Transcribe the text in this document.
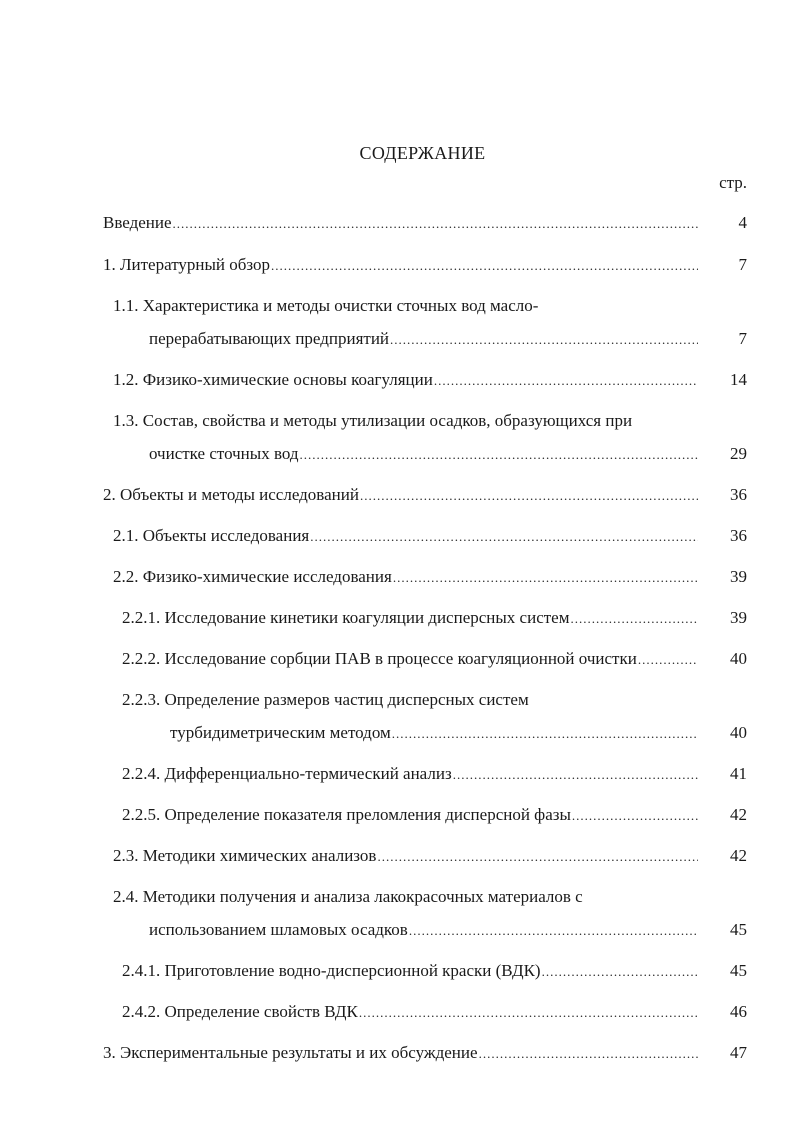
СОДЕРЖАНИЕ
стр.
Введение .....	4
1. Литературный обзор .....	7
1.1. Характеристика и методы очистки сточных вод масло-
перерабатывающих предприятий .....	7
1.2. Физико-химические основы коагуляции .....	14
1.3. Состав, свойства и методы утилизации осадков, образующихся при
очистке сточных вод .....	29
2. Объекты и методы исследований .....	36
2.1. Объекты исследования .....	36
2.2. Физико-химические исследования .....	39
2.2.1. Исследование кинетики коагуляции дисперсных систем .....	39
2.2.2. Исследование сорбции ПАВ в процессе коагуляционной очистки .....	40
2.2.3. Определение размеров частиц дисперсных систем
турбидиметрическим методом .....	40
2.2.4. Дифференциально-термический анализ .....	41
2.2.5. Определение показателя преломления дисперсной фазы .....	42
2.3. Методики химических анализов .....	42
2.4. Методики получения и анализа лакокрасочных материалов с
использованием шламовых осадков .....	45
2.4.1. Приготовление водно-дисперсионной краски (ВДК) .....	45
2.4.2. Определение свойств ВДК .....	46
3. Экспериментальные результаты и их обсуждение .....	47
